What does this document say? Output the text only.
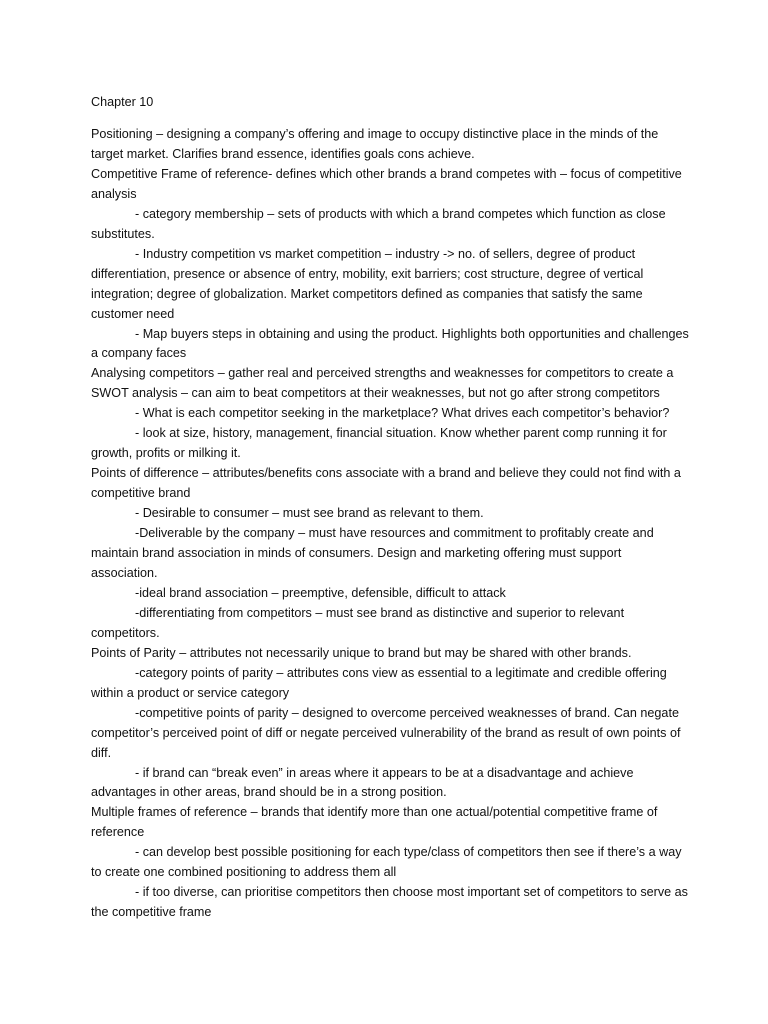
Chapter 10

Positioning – designing a company’s offering and image to occupy distinctive place in the minds of the target market. Clarifies brand essence, identifies goals cons achieve.

Competitive Frame of reference- defines which other brands a brand competes with – focus of competitive analysis

- category membership – sets of products with which a brand competes which function as close substitutes.

- Industry competition vs market competition – industry -> no. of sellers, degree of product differentiation, presence or absence of entry, mobility, exit barriers; cost structure, degree of vertical integration; degree of globalization. Market competitors defined as companies that satisfy the same customer need

- Map buyers steps in obtaining and using the product. Highlights both opportunities and challenges a company faces

Analysing competitors – gather real and perceived strengths and weaknesses for competitors to create a SWOT analysis – can aim to beat competitors at their weaknesses, but not go after strong competitors

- What is each competitor seeking in the marketplace? What drives each competitor’s behavior?

- look at size, history, management, financial situation. Know whether parent comp running it for growth, profits or milking it.

Points of difference – attributes/benefits cons associate with a brand and believe they could not find with a competitive brand

- Desirable to consumer – must see brand as relevant to them.

-Deliverable by the company – must have resources and commitment to profitably create and maintain brand association in minds of consumers. Design and marketing offering must support association.

-ideal brand association – preemptive, defensible, difficult to attack

-differentiating from competitors – must see brand as distinctive and superior to relevant competitors.

Points of Parity – attributes not necessarily unique to brand but may be shared with other brands.

-category points of parity – attributes cons view as essential to a legitimate and credible offering within a product or service category

-competitive points of parity – designed to overcome perceived weaknesses of brand. Can negate competitor’s perceived point of diff or negate perceived vulnerability of the brand as result of own points of diff.

- if brand can “break even” in areas where it appears to be at a disadvantage and achieve advantages in other areas, brand should be in a strong position.

Multiple frames of reference – brands that identify more than one actual/potential competitive frame of reference

- can develop best possible positioning for each type/class of competitors then see if there’s a way to create one combined positioning to address them all

- if too diverse, can prioritise competitors then choose most important set of competitors to serve as the competitive frame
